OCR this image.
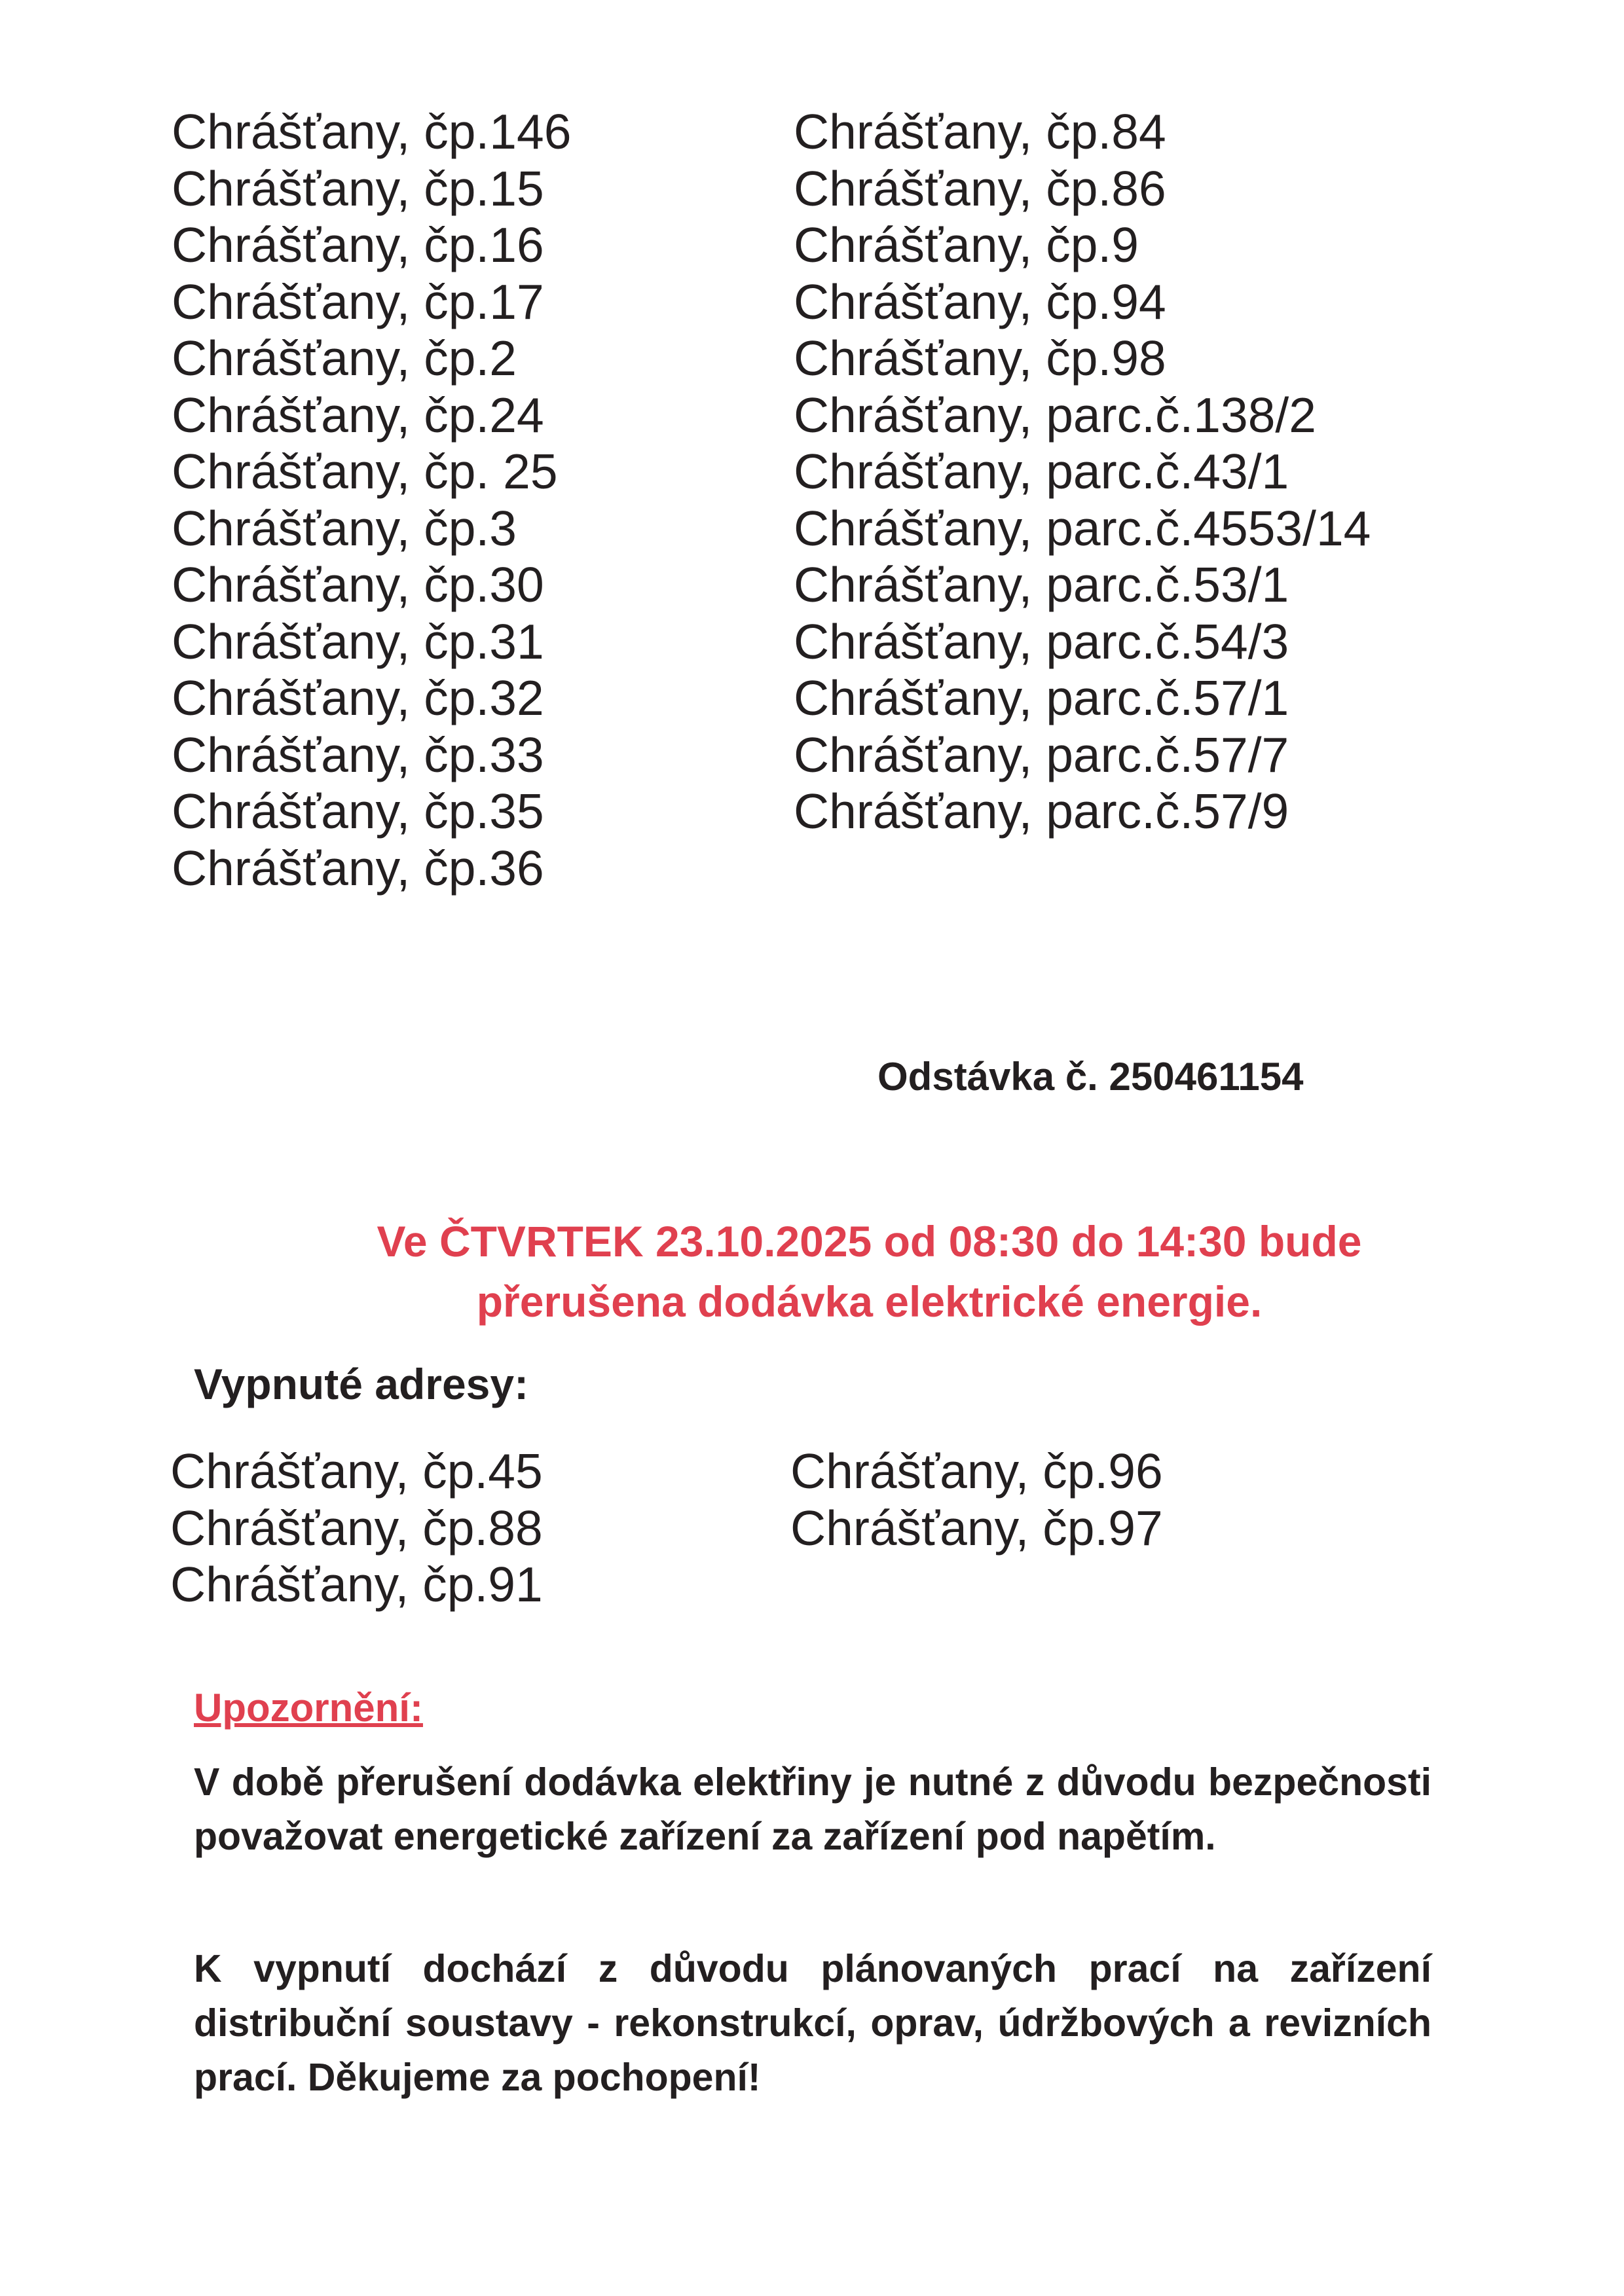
Chrášťany, čp.146
Chrášťany, čp.15
Chrášťany, čp.16
Chrášťany, čp.17
Chrášťany, čp.2
Chrášťany, čp.24
Chrášťany, čp. 25
Chrášťany, čp.3
Chrášťany, čp.30
Chrášťany, čp.31
Chrášťany, čp.32
Chrášťany, čp.33
Chrášťany, čp.35
Chrášťany, čp.36
Chrášťany, čp.84
Chrášťany, čp.86
Chrášťany, čp.9
Chrášťany, čp.94
Chrášťany, čp.98
Chrášťany, parc.č.138/2
Chrášťany, parc.č.43/1
Chrášťany, parc.č.4553/14
Chrášťany, parc.č.53/1
Chrášťany, parc.č.54/3
Chrášťany, parc.č.57/1
Chrášťany, parc.č.57/7
Chrášťany, parc.č.57/9
Odstávka č. 250461154
Ve ČTVRTEK 23.10.2025 od 08:30 do 14:30 bude
přerušena dodávka elektrické energie.
Vypnuté adresy:
Chrášťany, čp.45
Chrášťany, čp.88
Chrášťany, čp.91
Chrášťany, čp.96
Chrášťany, čp.97
Upozornění:
V době přerušení dodávka elektřiny je nutné z důvodu bezpečnosti považovat energetické zařízení za zařízení pod napětím.
K vypnutí dochází z důvodu plánovaných prací na zařízení distribuční soustavy - rekonstrukcí, oprav, údržbových a revizních prací. Děkujeme za pochopení!
